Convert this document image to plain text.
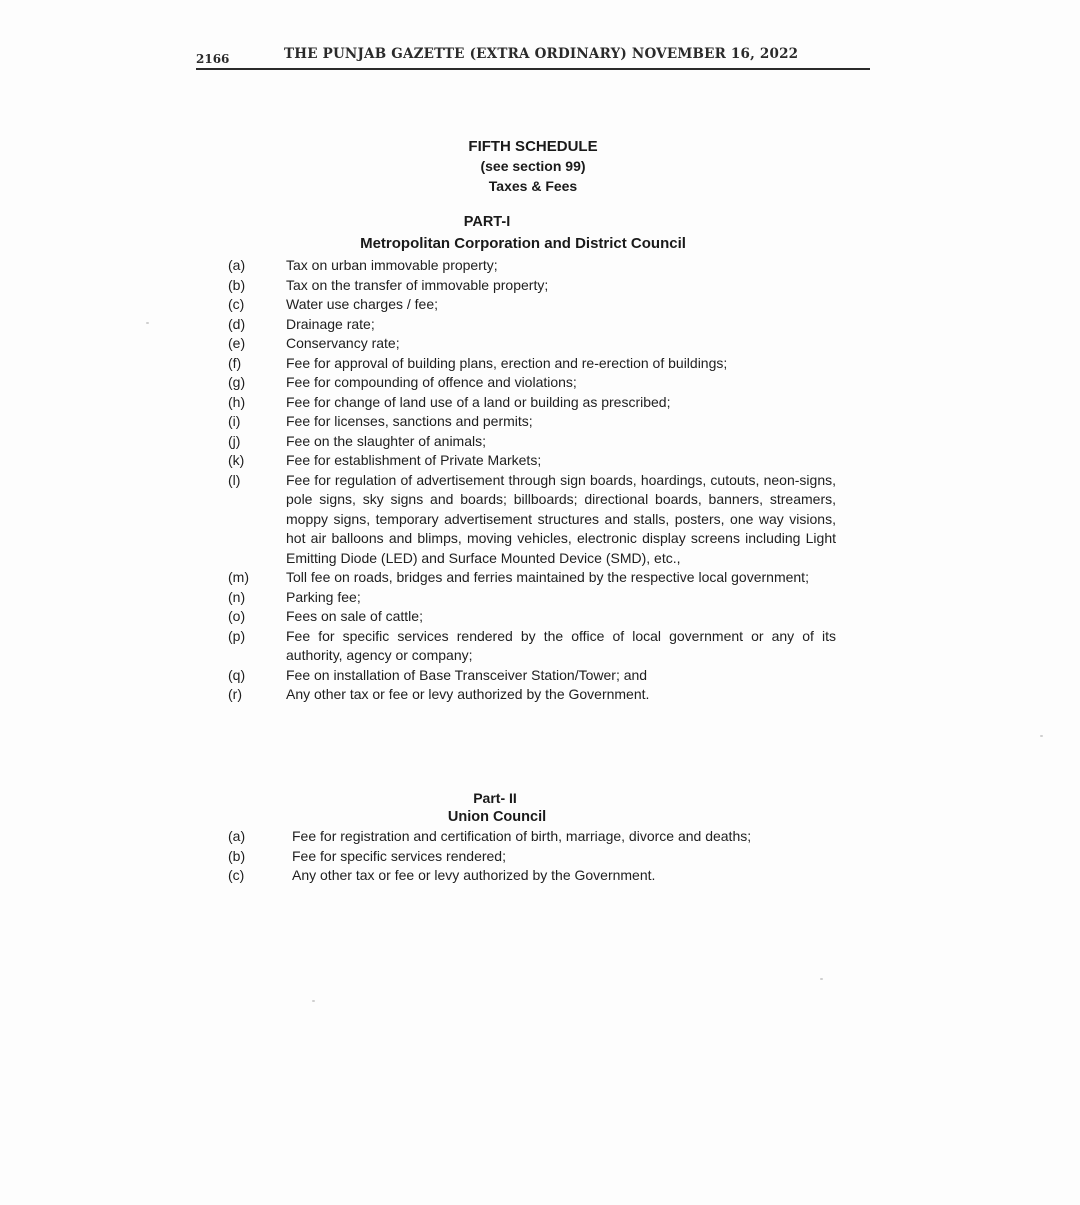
2166	THE PUNJAB GAZETTE (EXTRA ORDINARY) NOVEMBER 16, 2022
FIFTH SCHEDULE
(see section 99)
Taxes & Fees
PART-I
Metropolitan Corporation and District Council
(a)	Tax on urban immovable property;
(b)	Tax on the transfer of immovable property;
(c)	Water use charges / fee;
(d)	Drainage rate;
(e)	Conservancy rate;
(f)	Fee for approval of building plans, erection and re-erection of buildings;
(g)	Fee for compounding of offence and violations;
(h)	Fee for change of land use of a land or building as prescribed;
(i)	Fee for licenses, sanctions and permits;
(j)	Fee on the slaughter of animals;
(k)	Fee for establishment of Private Markets;
(l)	Fee for regulation of advertisement through sign boards, hoardings, cutouts, neon-signs, pole signs, sky signs and boards; billboards; directional boards, banners, streamers, moppy signs, temporary advertisement structures and stalls, posters, one way visions, hot air balloons and blimps, moving vehicles, electronic display screens including Light Emitting Diode (LED) and Surface Mounted Device (SMD), etc.,
(m)	Toll fee on roads, bridges and ferries maintained by the respective local government;
(n)	Parking fee;
(o)	Fees on sale of cattle;
(p)	Fee for specific services rendered by the office of local government or any of its authority, agency or company;
(q)	Fee on installation of Base Transceiver Station/Tower; and
(r)	Any other tax or fee or levy authorized by the Government.
Part- II
Union Council
(a)	Fee for registration and certification of birth, marriage, divorce and deaths;
(b)	Fee for specific services rendered;
(c)	Any other tax or fee or levy authorized by the Government.
